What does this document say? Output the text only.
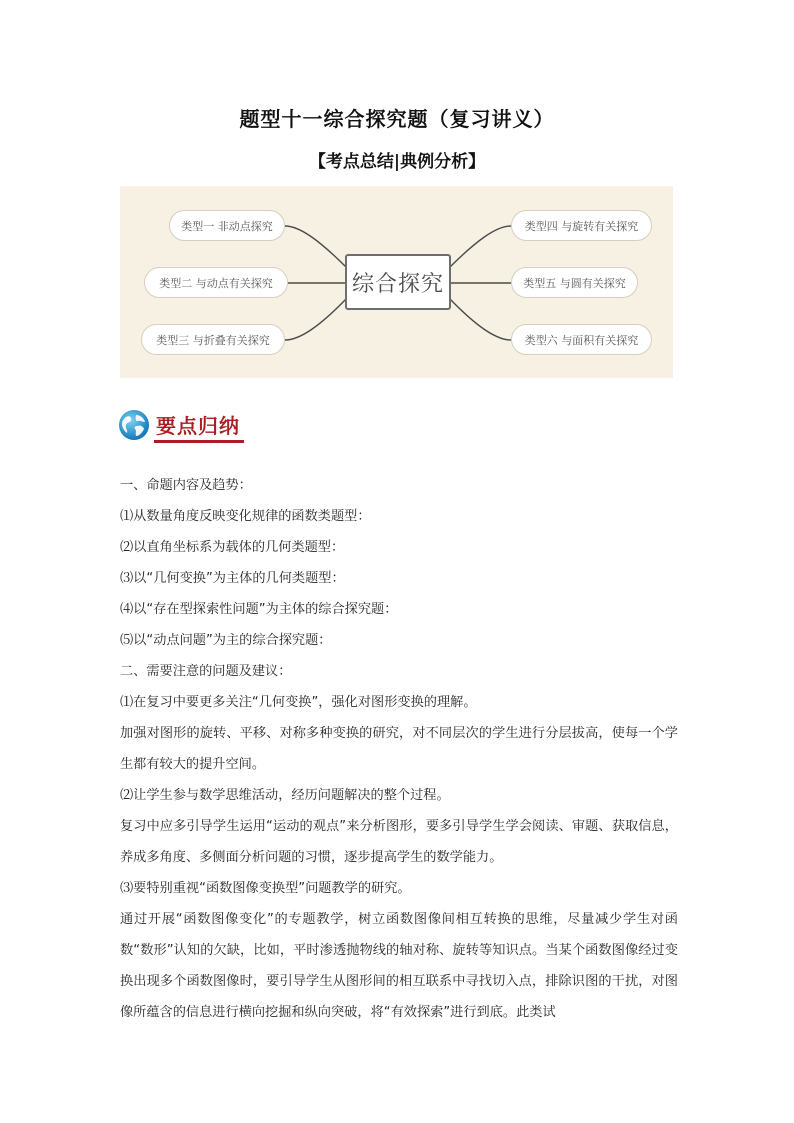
题型十一综合探究题（复习讲义）
【考点总结|典例分析】
类型一 非动点探究
类型二 与动点有关探究
类型三 与折叠有关探究
综合探究
类型四 与旋转有关探究
类型五 与圆有关探究
类型六 与面积有关探究
要点归纳

一、命题内容及趋势：

⑴从数量角度反映变化规律的函数类题型：

⑵以直角坐标系为载体的几何类题型：

⑶以“几何变换”为主体的几何类题型：

⑷以“存在型探索性问题”为主体的综合探究题：

⑸以“动点问题”为主的综合探究题：

二、需要注意的问题及建议：

⑴在复习中要更多关注“几何变换”，强化对图形变换的理解。

加强对图形的旋转、平移、对称多种变换的研究，对不同层次的学生进行分层拔高，使每一个学生都有较大的提升空间。

⑵让学生参与数学思维活动，经历问题解决的整个过程。

复习中应多引导学生运用“运动的观点”来分析图形，要多引导学生学会阅读、审题、获取信息，养成多角度、多侧面分析问题的习惯，逐步提高学生的数学能力。

⑶要特别重视“函数图像变换型”问题教学的研究。

通过开展“函数图像变化”的专题教学，树立函数图像间相互转换的思维，尽量减少学生对函数“数形”认知的欠缺，比如，平时渗透抛物线的轴对称、旋转等知识点。当某个函数图像经过变换出现多个函数图像时，要引导学生从图形间的相互联系中寻找切入点，排除识图的干扰，对图像所蕴含的信息进行横向挖掘和纵向突破，将“有效探索”进行到底。此类试
